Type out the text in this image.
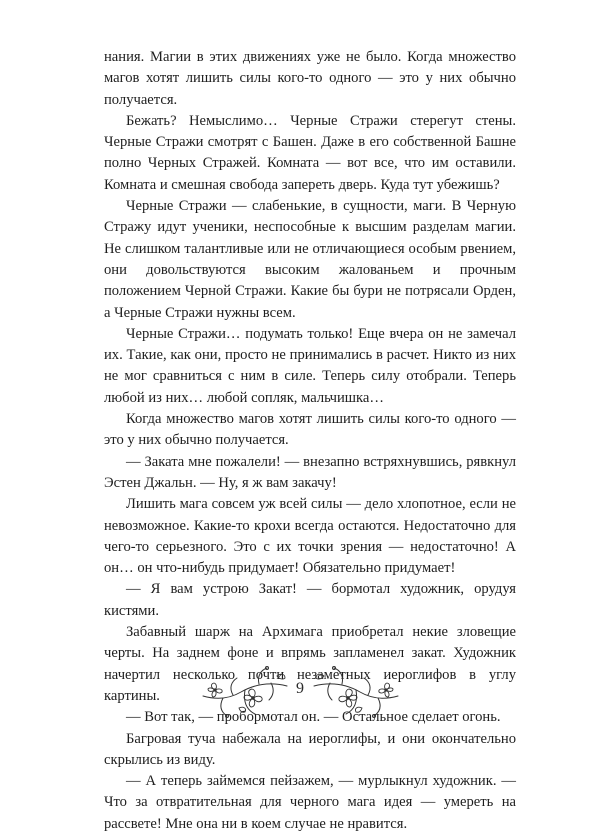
нания. Магии в этих движениях уже не было. Когда множество магов хотят лишить силы кого-то одного — это у них обычно получается.

Бежать? Немыслимо… Черные Стражи стерегут стены. Черные Стражи смотрят с Башен. Даже в его собственной Башне полно Черных Стражей. Комната — вот все, что им оставили. Комната и смешная свобода запереть дверь. Куда тут убежишь?

Черные Стражи — слабенькие, в сущности, маги. В Черную Стражу идут ученики, неспособные к высшим разделам магии. Не слишком талантливые или не отличающиеся особым рвением, они довольствуются высоким жалованьем и прочным положением Черной Стражи. Какие бы бури не потрясали Орден, а Черные Стражи нужны всем.

Черные Стражи… подумать только! Еще вчера он не замечал их. Такие, как они, просто не принимались в расчет. Никто из них не мог сравниться с ним в силе. Теперь силу отобрали. Теперь любой из них… любой сопляк, мальчишка…

Когда множество магов хотят лишить силы кого-то одного — это у них обычно получается.

— Заката мне пожалели! — внезапно встряхнувшись, рявкнул Эстен Джальн. — Ну, я ж вам закачу!

Лишить мага совсем уж всей силы — дело хлопотное, если не невозможное. Какие-то крохи всегда остаются. Недостаточно для чего-то серьезного. Это с их точки зрения — недостаточно! А он… он что-нибудь придумает! Обязательно придумает!

— Я вам устрою Закат! — бормотал художник, орудуя кистями.

Забавный шарж на Архимага приобретал некие зловещие черты. На заднем фоне и впрямь запламенел закат. Художник начертил несколько почти незаметных иероглифов в углу картины.

— Вот так, — пробормотал он. — Остальное сделает огонь.

Багровая туча набежала на иероглифы, и они окончательно скрылись из виду.

— А теперь займемся пейзажем, — мурлыкнул художник. — Что за отвратительная для черного мага идея — умереть на рассвете! Мне она ни в коем случае не нравится.

9
